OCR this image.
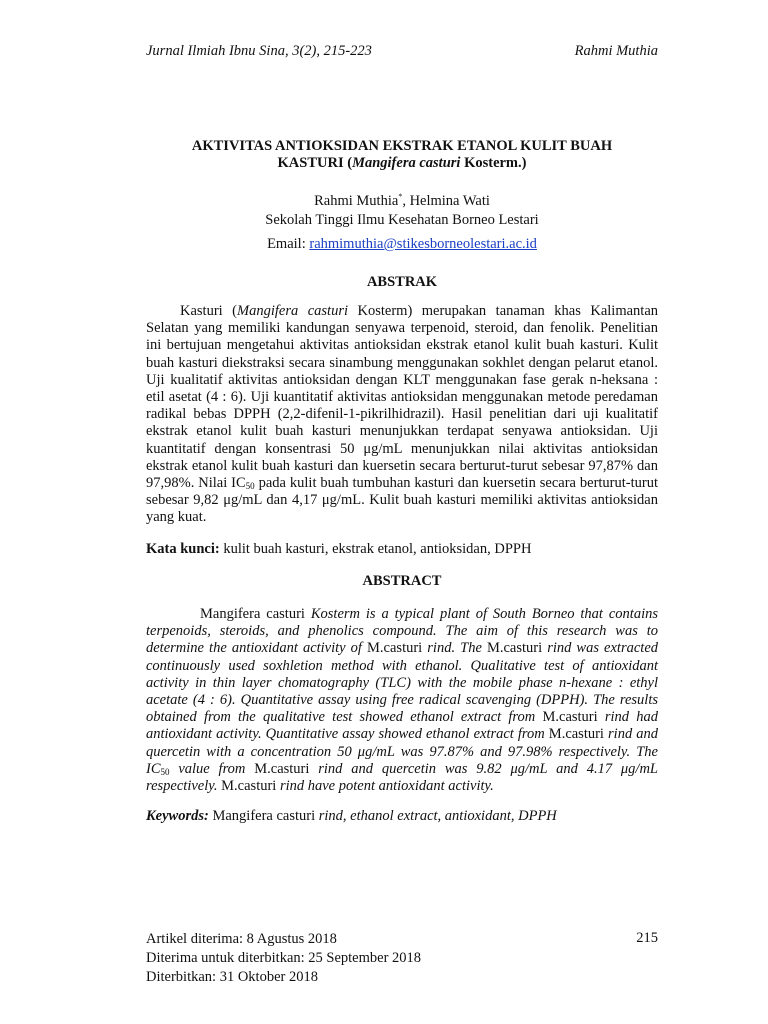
Jurnal Ilmiah Ibnu Sina, 3(2), 215-223	Rahmi Muthia
AKTIVITAS ANTIOKSIDAN EKSTRAK ETANOL KULIT BUAH
KASTURI (Mangifera casturi Kosterm.)
Rahmi Muthia*, Helmina Wati
Sekolah Tinggi Ilmu Kesehatan Borneo Lestari
Email: rahmimuthia@stikesborneolestari.ac.id
ABSTRAK

Kasturi (Mangifera casturi Kosterm) merupakan tanaman khas Kalimantan Selatan yang memiliki kandungan senyawa terpenoid, steroid, dan fenolik. Penelitian ini bertujuan mengetahui aktivitas antioksidan ekstrak etanol kulit buah kasturi. Kulit buah kasturi diekstraksi secara sinambung menggunakan sokhlet dengan pelarut etanol. Uji kualitatif aktivitas antioksidan dengan KLT menggunakan fase gerak n-heksana : etil asetat (4 : 6). Uji kuantitatif aktivitas antioksidan menggunakan metode peredaman radikal bebas DPPH (2,2-difenil-1-pikrilhidrazil). Hasil penelitian dari uji kualitatif ekstrak etanol kulit buah kasturi menunjukkan terdapat senyawa antioksidan. Uji kuantitatif dengan konsentrasi 50 μg/mL menunjukkan nilai aktivitas antioksidan ekstrak etanol kulit buah kasturi dan kuersetin secara berturut-turut sebesar 97,87% dan 97,98%. Nilai $IC_{50}$ pada kulit buah tumbuhan kasturi dan kuersetin secara berturut-turut sebesar 9,82 μg/mL dan 4,17 μg/mL. Kulit buah kasturi memiliki aktivitas antioksidan yang kuat.

Kata kunci: kulit buah kasturi, ekstrak etanol, antioksidan, DPPH
ABSTRACT

Mangifera casturi Kosterm is a typical plant of South Borneo that contains terpenoids, steroids, and phenolics compound. The aim of this research was to determine the antioxidant activity of M.casturi rind. The M.casturi rind was extracted continuously used soxhletion method with ethanol. Qualitative test of antioxidant activity in thin layer chomatography (TLC) with the mobile phase n-hexane : ethyl acetate (4 : 6). Quantitative assay using free radical scavenging (DPPH). The results obtained from the qualitative test showed ethanol extract from M.casturi rind had antioxidant activity. Quantitative assay showed ethanol extract from M.casturi rind and quercetin with a concentration 50 μg/mL was 97.87% and 97.98% respectively. The $IC_{50}$ value from M.casturi rind and quercetin was 9.82 μg/mL and 4.17 μg/mL respectively. M.casturi rind have potent antioxidant activity.

Keywords: Mangifera casturi rind, ethanol extract, antioxidant, DPPH
Artikel diterima: 8 Agustus 2018
Diterima untuk diterbitkan: 25 September 2018
Diterbitkan: 31 Oktober 2018
215
